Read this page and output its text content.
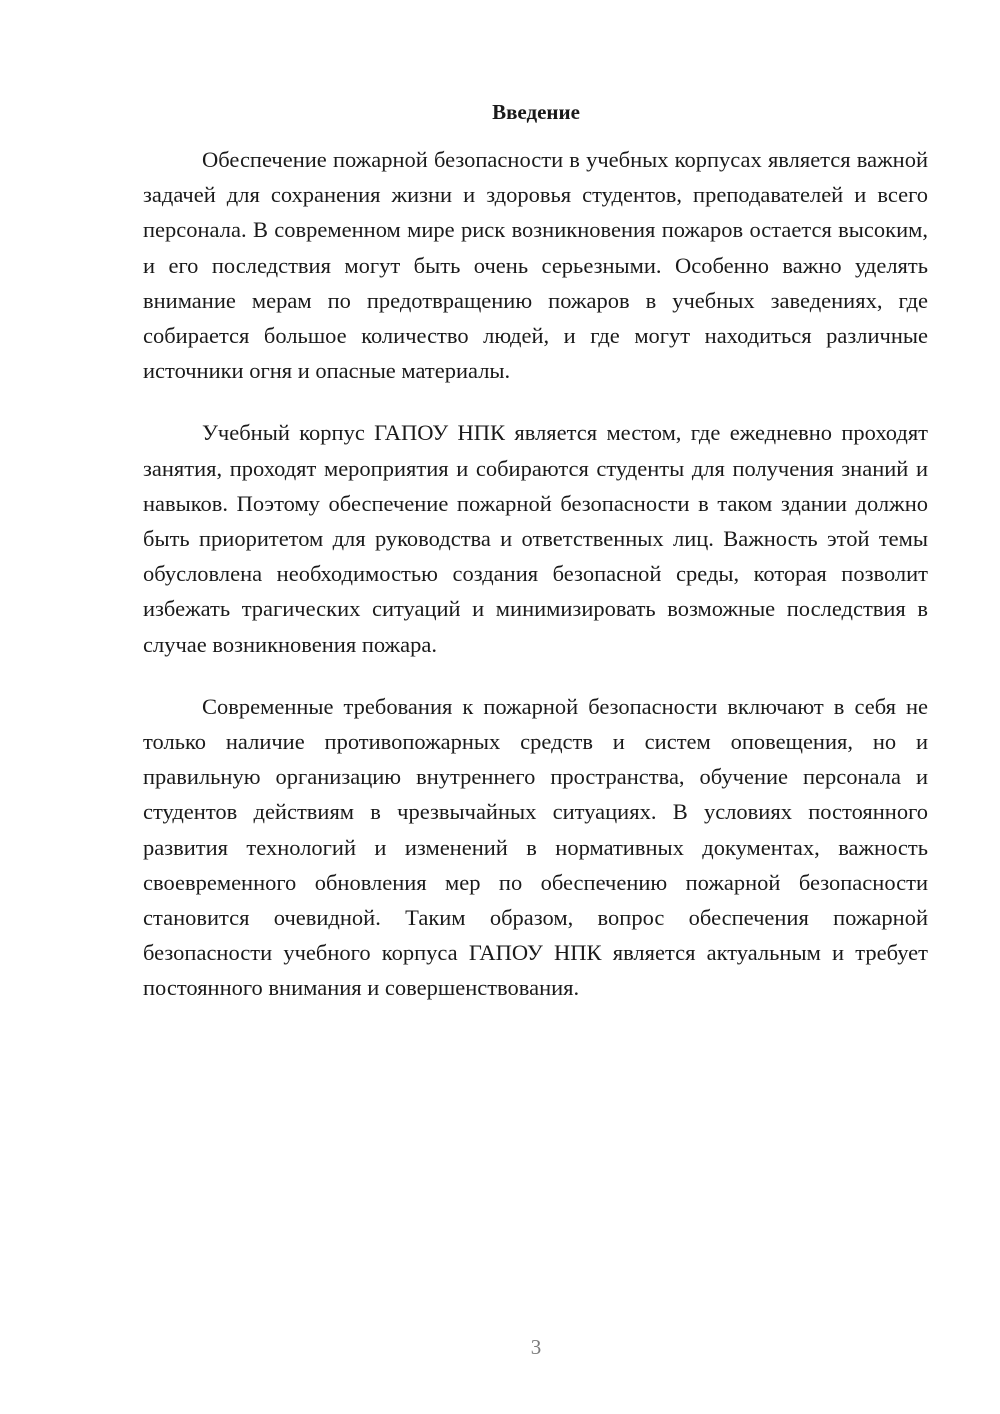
Введение

Обеспечение пожарной безопасности в учебных корпусах является важной задачей для сохранения жизни и здоровья студентов, преподавателей и всего персонала. В современном мире риск возникновения пожаров остается высоким, и его последствия могут быть очень серьезными. Особенно важно уделять внимание мерам по предотвращению пожаров в учебных заведениях, где собирается большое количество людей, и где могут находиться различные источники огня и опасные материалы.

Учебный корпус ГАПОУ НПК является местом, где ежедневно проходят занятия, проходят мероприятия и собираются студенты для получения знаний и навыков. Поэтому обеспечение пожарной безопасности в таком здании должно быть приоритетом для руководства и ответственных лиц. Важность этой темы обусловлена необходимостью создания безопасной среды, которая позволит избежать трагических ситуаций и минимизировать возможные последствия в случае возникновения пожара.

Современные требования к пожарной безопасности включают в себя не только наличие противопожарных средств и систем оповещения, но и правильную организацию внутреннего пространства, обучение персонала и студентов действиям в чрезвычайных ситуациях. В условиях постоянного развития технологий и изменений в нормативных документах, важность своевременного обновления мер по обеспечению пожарной безопасности становится очевидной. Таким образом, вопрос обеспечения пожарной безопасности учебного корпуса ГАПОУ НПК является актуальным и требует постоянного внимания и совершенствования.

3
